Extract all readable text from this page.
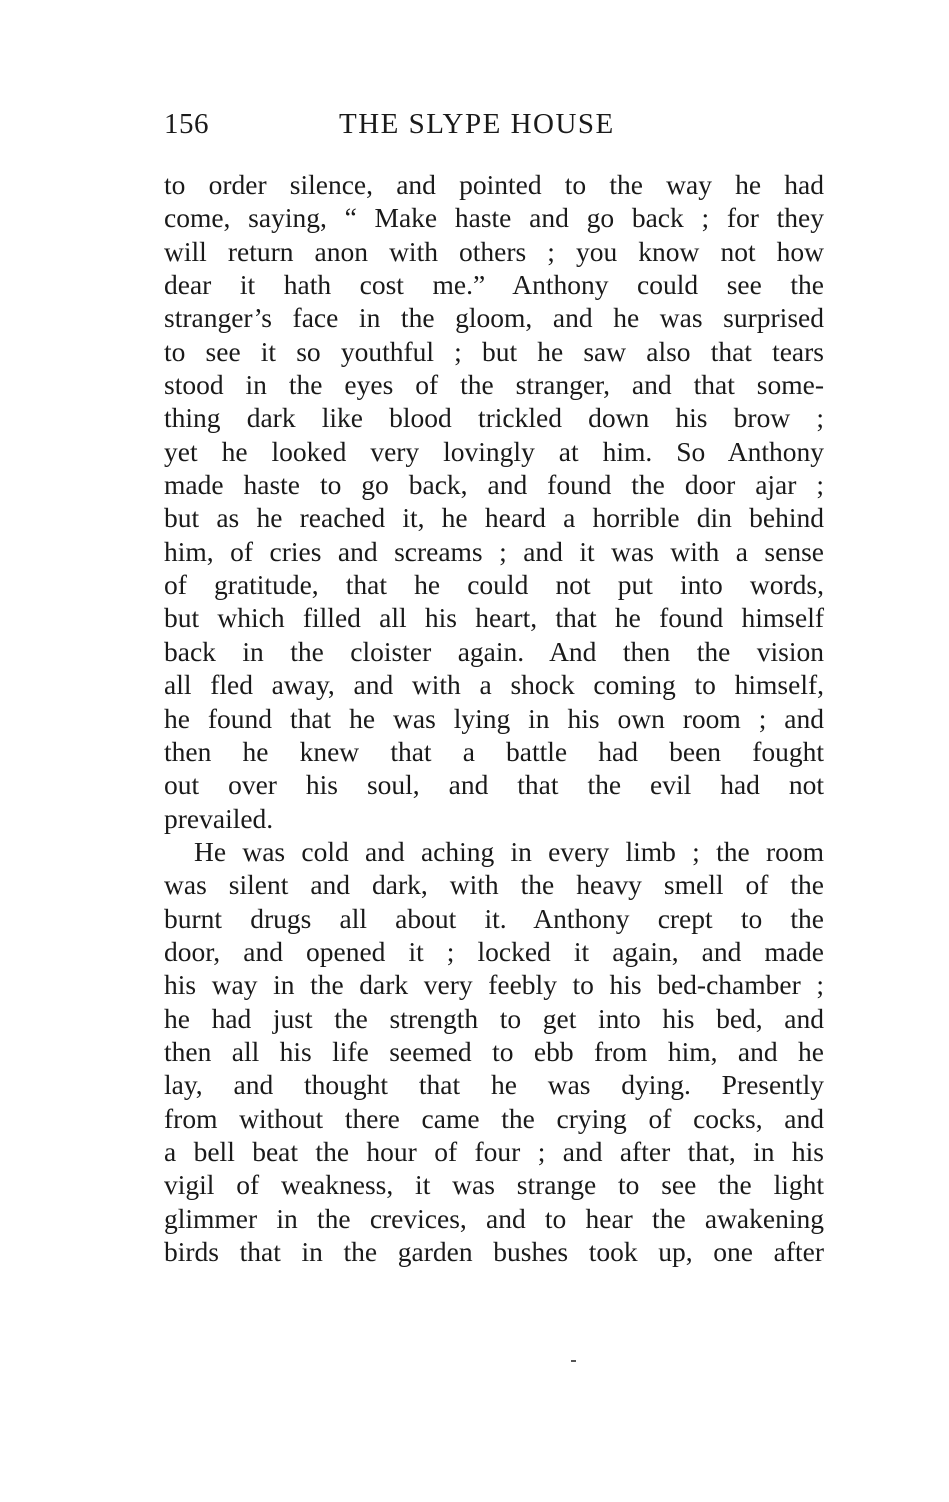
156	THE SLYPE HOUSE
to order silence, and pointed to the way he had
come, saying, “ Make haste and go back ; for they
will return anon with others ; you know not how
dear it hath cost me.” Anthony could see the
stranger’s face in the gloom, and he was surprised
to see it so youthful ; but he saw also that tears
stood in the eyes of the stranger, and that some-
thing dark like blood trickled down his brow ;
yet he looked very lovingly at him. So Anthony
made haste to go back, and found the door ajar ;
but as he reached it, he heard a horrible din behind
him, of cries and screams ; and it was with a sense
of gratitude, that he could not put into words,
but which filled all his heart, that he found himself
back in the cloister again. And then the vision
all fled away, and with a shock coming to himself,
he found that he was lying in his own room ; and
then he knew that a battle had been fought
out over his soul, and that the evil had not
prevailed.
He was cold and aching in every limb ; the room
was silent and dark, with the heavy smell of the
burnt drugs all about it. Anthony crept to the
door, and opened it ; locked it again, and made
his way in the dark very feebly to his bed-chamber ;
he had just the strength to get into his bed, and
then all his life seemed to ebb from him, and he
lay, and thought that he was dying. Presently
from without there came the crying of cocks, and
a bell beat the hour of four ; and after that, in his
vigil of weakness, it was strange to see the light
glimmer in the crevices, and to hear the awakening
birds that in the garden bushes took up, one after
